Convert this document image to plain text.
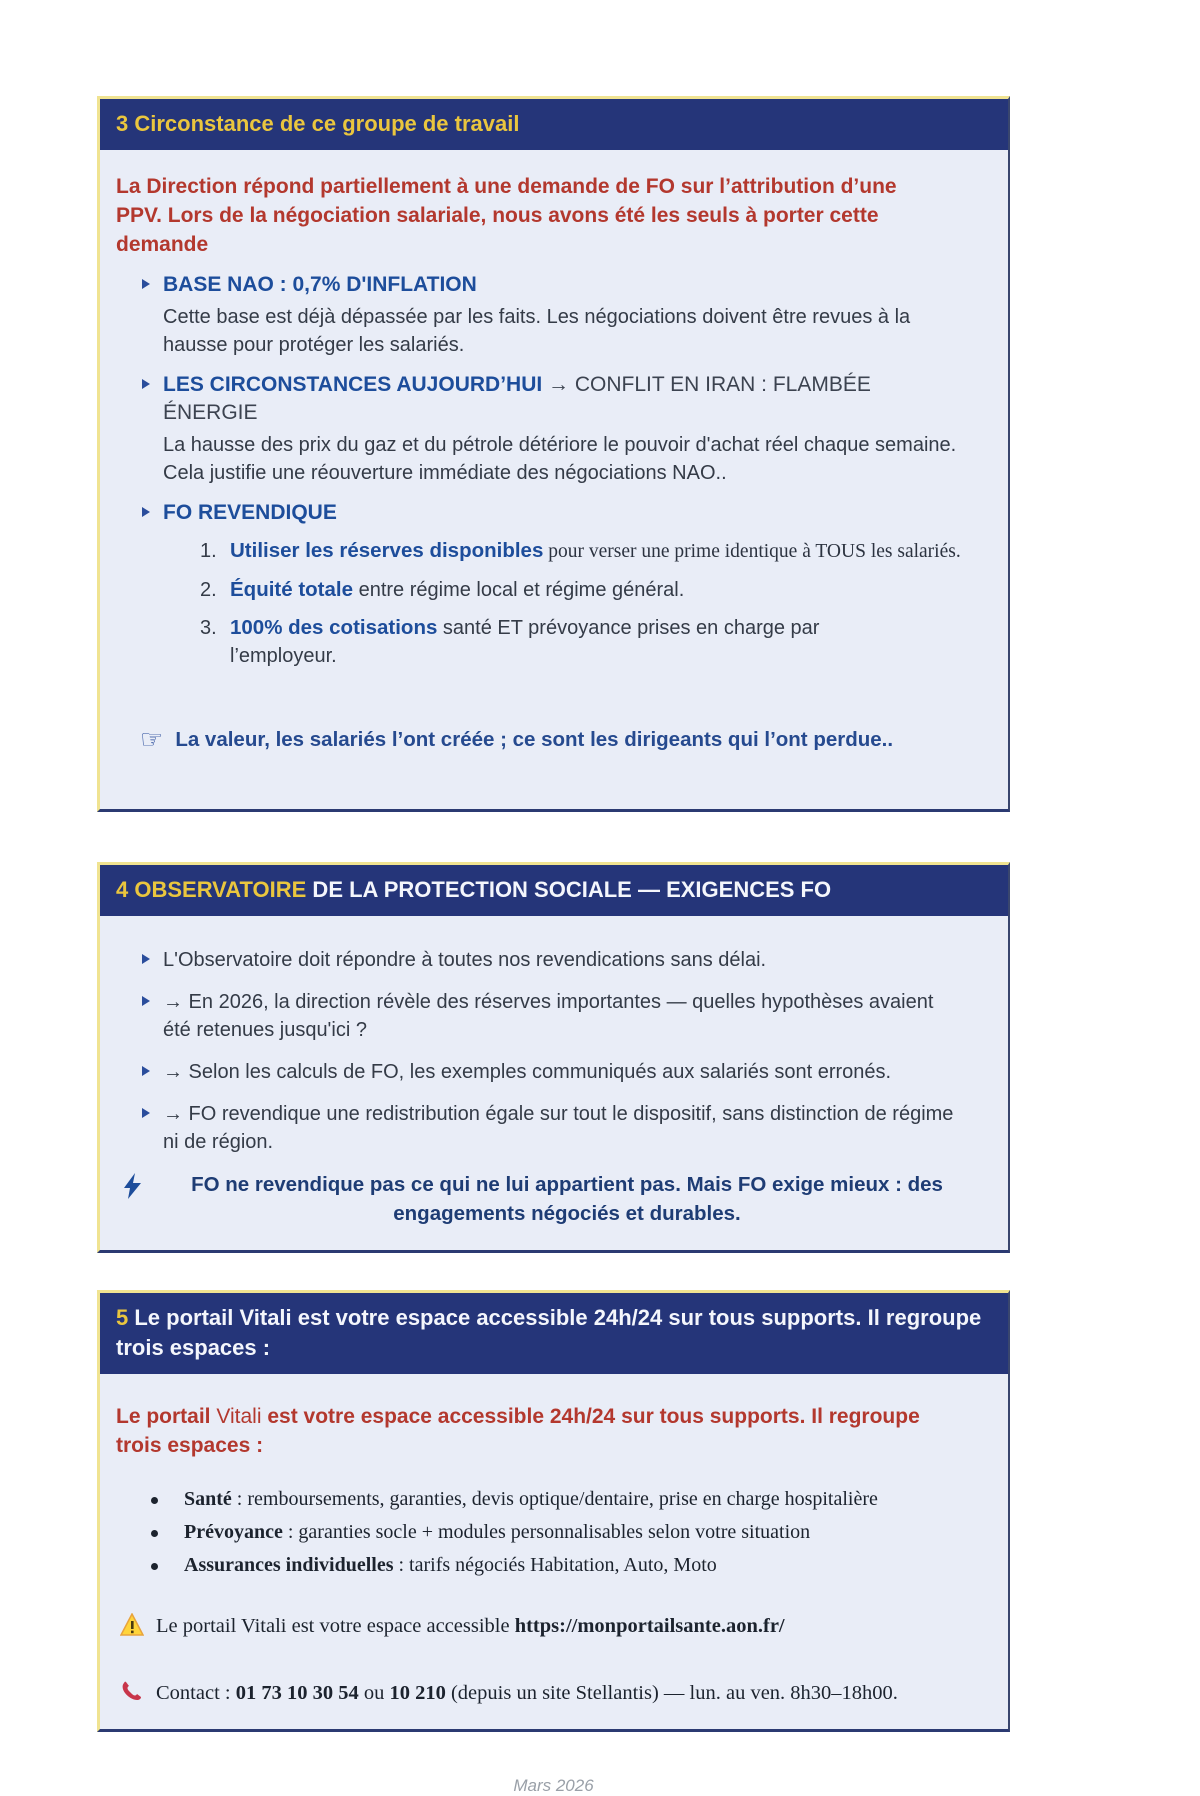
3 Circonstance de ce groupe de travail

La Direction répond partiellement à une demande de FO sur l’attribution d’une PPV. Lors de la négociation salariale, nous avons été les seuls à porter cette demande

BASE NAO : 0,7% D'INFLATION

Cette base est déjà dépassée par les faits. Les négociations doivent être revues à la hausse pour protéger les salariés.

LES CIRCONSTANCES AUJOURD’HUI → CONFLIT EN IRAN : FLAMBÉE ÉNERGIE

La hausse des prix du gaz et du pétrole détériore le pouvoir d'achat réel chaque semaine. Cela justifie une réouverture immédiate des négociations NAO..

FO REVENDIQUE
1. Utiliser les réserves disponibles pour verser une prime identique à TOUS les salariés.
2. Équité totale entre régime local et régime général.
3. 100% des cotisations santé ET prévoyance prises en charge par l’employeur.
☞ La valeur, les salariés l’ont créée ; ce sont les dirigeants qui l’ont perdue..
4 OBSERVATOIRE DE LA PROTECTION SOCIALE — EXIGENCES FO
L'Observatoire doit répondre à toutes nos revendications sans délai.
→ En 2026, la direction révèle des réserves importantes — quelles hypothèses avaient été retenues jusqu'ici ?
→ Selon les calculs de FO, les exemples communiqués aux salariés sont erronés.
→ FO revendique une redistribution égale sur tout le dispositif, sans distinction de régime ni de région.
FO ne revendique pas ce qui ne lui appartient pas. Mais FO exige mieux : des engagements négociés et durables.
5 Le portail Vitali est votre espace accessible 24h/24 sur tous supports. Il regroupe trois espaces :

Le portail Vitali est votre espace accessible 24h/24 sur tous supports. Il regroupe trois espaces :

Santé : remboursements, garanties, devis optique/dentaire, prise en charge hospitalière
Prévoyance : garanties socle + modules personnalisables selon votre situation
Assurances individuelles : tarifs négociés Habitation, Auto, Moto
Le portail Vitali est votre espace accessible https://monportailsante.aon.fr/
Contact : 01 73 10 30 54 ou 10 210 (depuis un site Stellantis) — lun. au ven. 8h30–18h00.
Mars 2026
